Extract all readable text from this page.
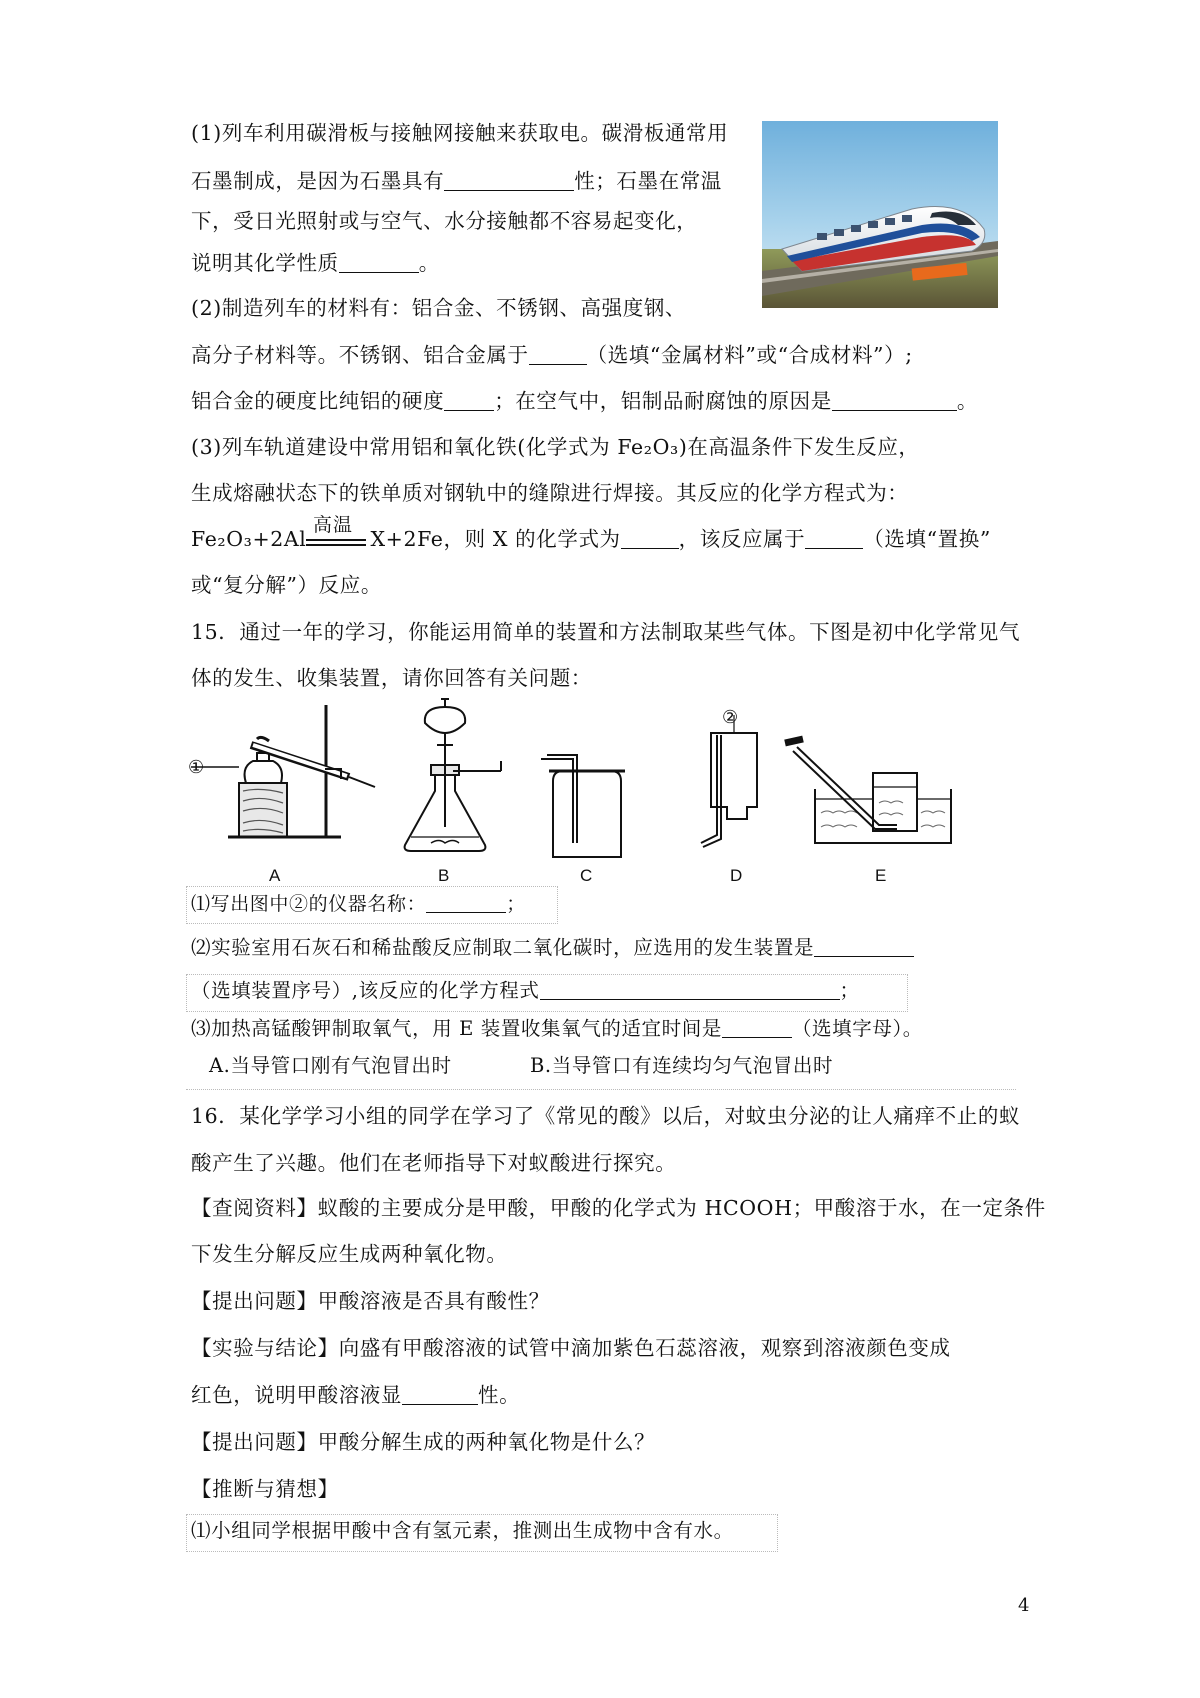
(1)列车利用碳滑板与接触网接触来获取电。碳滑板通常用
石墨制成，是因为石墨具有	性；石墨在常温
下，受日光照射或与空气、水分接触都不容易起变化，
说明其化学性质	。
(2)制造列车的材料有：铝合金、不锈钢、高强度钢、
高分子材料等。不锈钢、铝合金属于	（选填“金属材料”或“合成材料”）;
铝合金的硬度比纯铝的硬度 ；在空气中，铝制品耐腐蚀的原因是	。
(3)列车轨道建设中常用铝和氧化铁(化学式为 Fe₂O₃)在高温条件下发生反应，
生成熔融状态下的铁单质对钢轨中的缝隙进行焊接。其反应的化学方程式为：
高温
Fe₂O₃+2Al	X+2Fe，则 X 的化学式为	，该反应属于	（选填“置换”
或“复分解”）反应。
15．通过一年的学习，你能运用简单的装置和方法制取某些气体。下图是初中化学常见气
体的发生、收集装置，请你回答有关问题：
①
②
A	B	C	D	E
⑴写出图中②的仪器名称：	；
⑵实验室用石灰石和稀盐酸反应制取二氧化碳时，应选用的发生装置是
（选填装置序号）,该反应的化学方程式	；
⑶加热高锰酸钾制取氧气，用 E 装置收集氧气的适宜时间是	（选填字母）。
A.当导管口刚有气泡冒出时	B.当导管口有连续均匀气泡冒出时
16．某化学学习小组的同学在学习了《常见的酸》以后，对蚊虫分泌的让人痛痒不止的蚁
酸产生了兴趣。他们在老师指导下对蚁酸进行探究。
【查阅资料】蚁酸的主要成分是甲酸，甲酸的化学式为 HCOOH；甲酸溶于水，在一定条件
下发生分解反应生成两种氧化物。
【提出问题】甲酸溶液是否具有酸性？
【实验与结论】向盛有甲酸溶液的试管中滴加紫色石蕊溶液，观察到溶液颜色变成
红色，说明甲酸溶液显	性。
【提出问题】甲酸分解生成的两种氧化物是什么？
【推断与猜想】
⑴小组同学根据甲酸中含有氢元素，推测出生成物中含有水。
4
